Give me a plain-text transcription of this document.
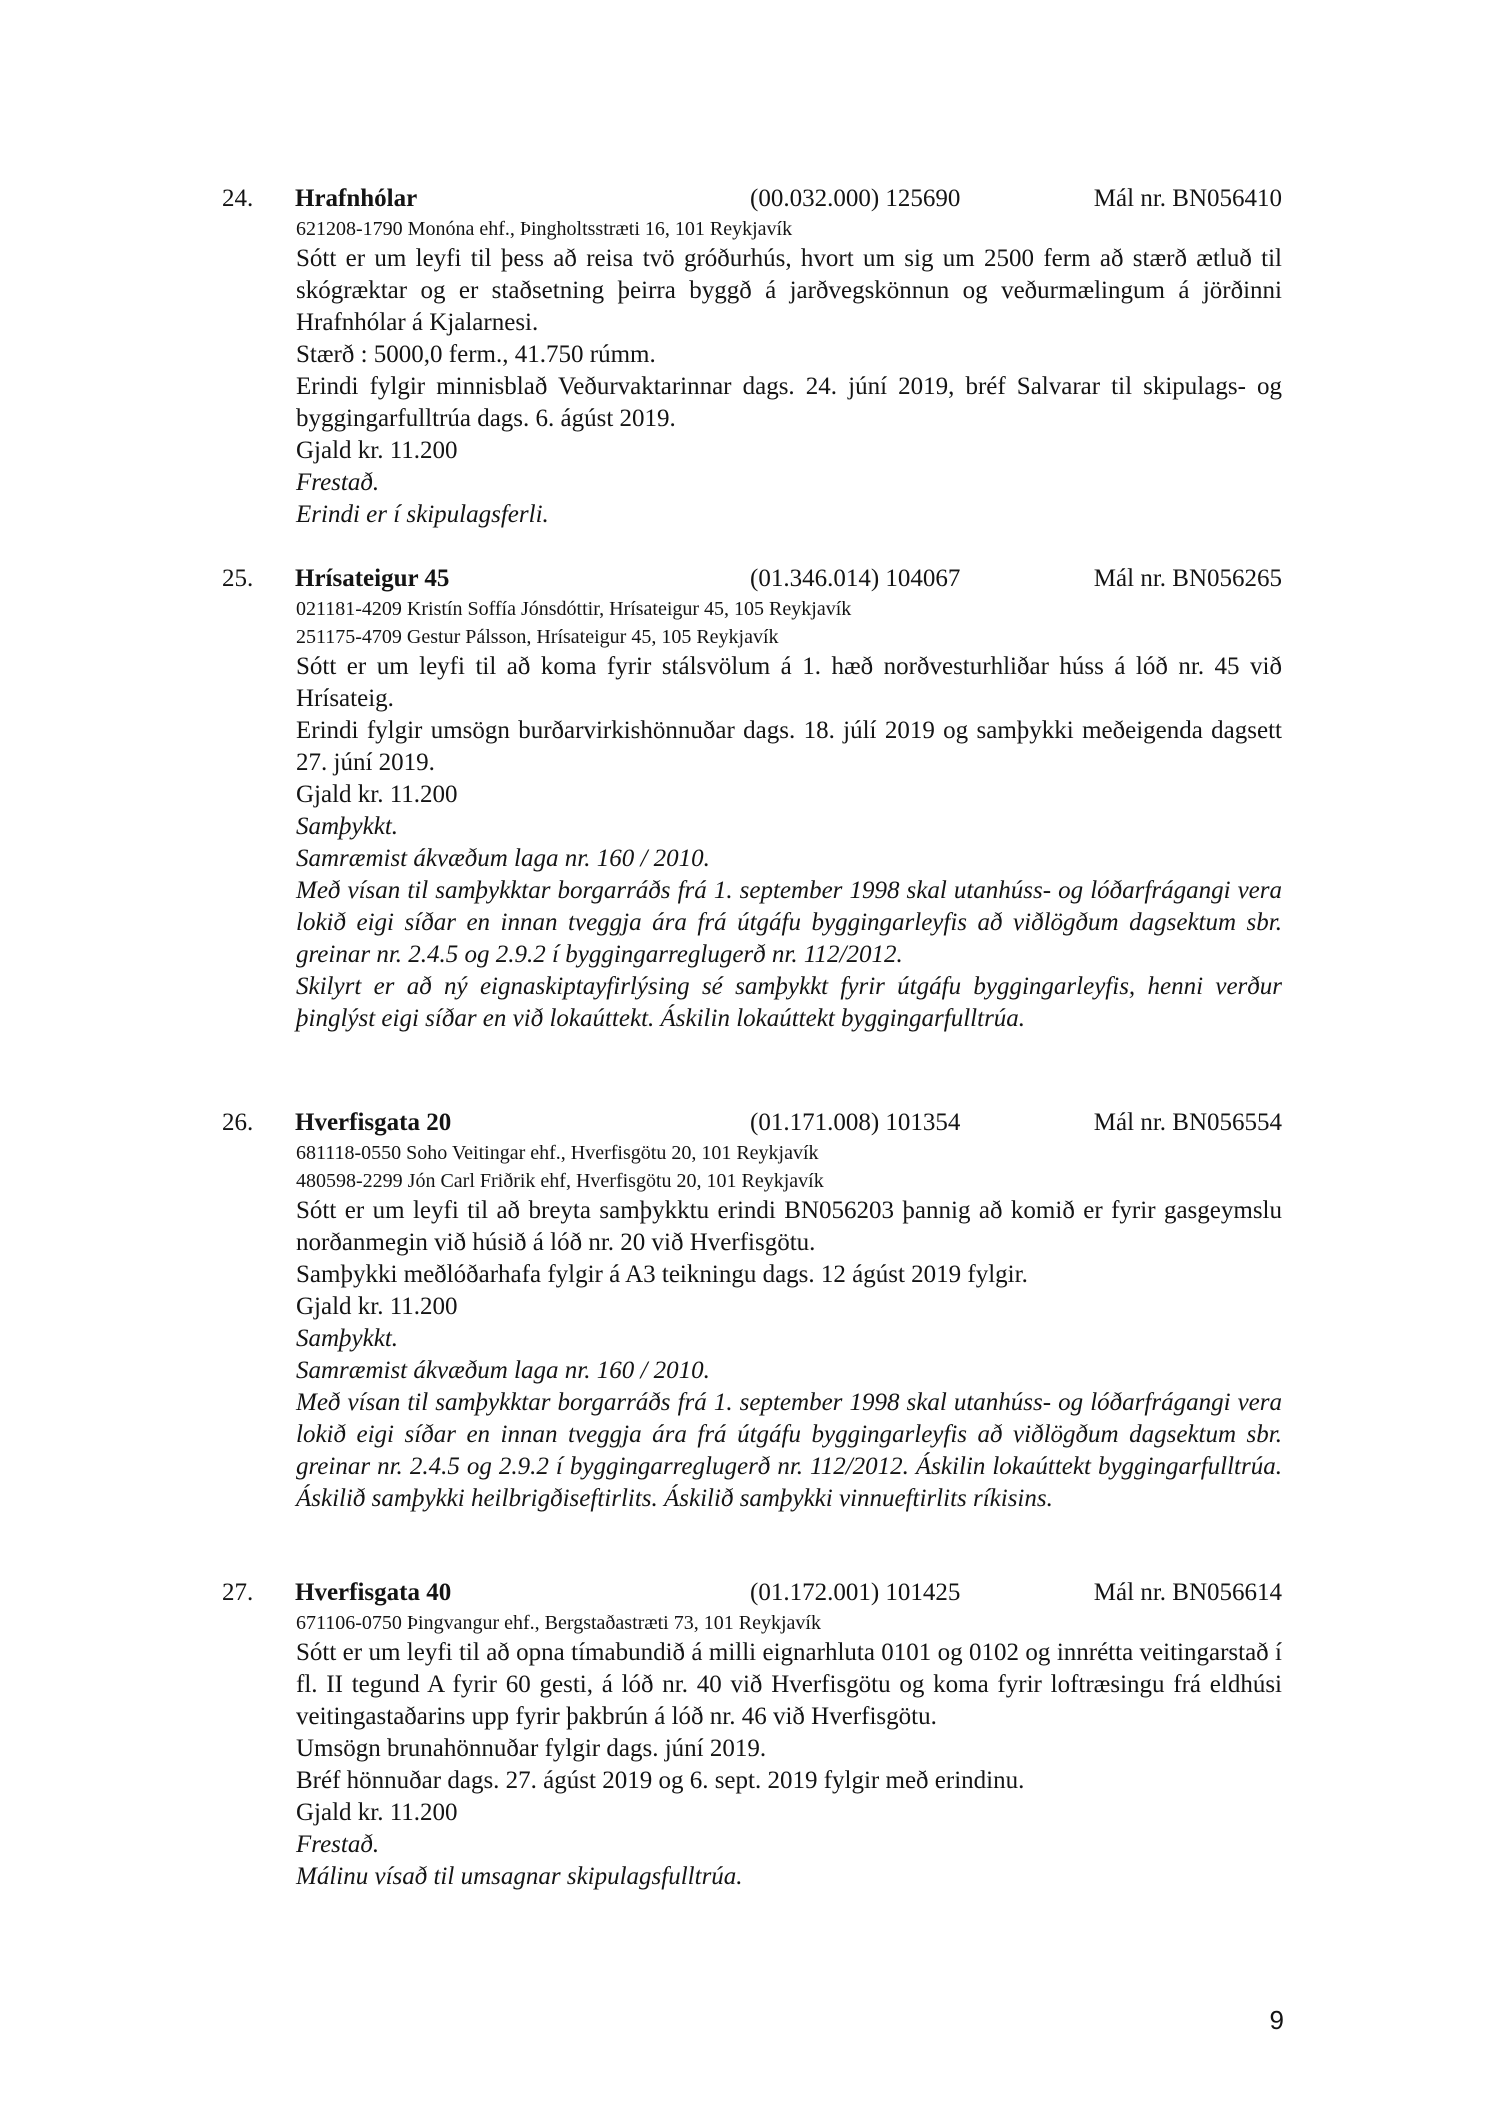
24. Hrafnhólar	(00.032.000) 125690	Mál nr. BN056410
621208-1790 Monóna ehf., Þingholtsstræti 16, 101 Reykjavík

Sótt er um leyfi til þess að reisa tvö gróðurhús, hvort um sig um 2500 ferm að stærð ætluð til skógræktar og er staðsetning þeirra byggð á jarðvegskönnun og veðurmælingum á jörðinni Hrafnhólar á Kjalarnesi.

Stærð : 5000,0 ferm., 41.750 rúmm.

Erindi fylgir minnisblað Veðurvaktarinnar dags. 24. júní 2019, bréf Salvarar til skipulags- og byggingarfulltrúa dags. 6. ágúst 2019.

Gjald kr. 11.200

Frestað.

Erindi er í skipulagsferli.

25. Hrísateigur 45	(01.346.014) 104067	Mál nr. BN056265
021181-4209 Kristín Soffía Jónsdóttir, Hrísateigur 45, 105 Reykjavík
251175-4709 Gestur Pálsson, Hrísateigur 45, 105 Reykjavík

Sótt er um leyfi til að koma fyrir stálsvölum á 1. hæð norðvesturhliðar húss á lóð nr. 45 við Hrísateig.

Erindi fylgir umsögn burðarvirkishönnuðar dags. 18. júlí 2019 og samþykki meðeigenda dagsett 27. júní 2019.

Gjald kr. 11.200

Samþykkt.

Samræmist ákvæðum laga nr. 160 / 2010.

Með vísan til samþykktar borgarráðs frá 1. september 1998 skal utanhúss- og lóðarfrágangi vera lokið eigi síðar en innan tveggja ára frá útgáfu byggingarleyfis að viðlögðum dagsektum sbr. greinar nr. 2.4.5 og 2.9.2 í byggingarreglugerð nr. 112/2012.

Skilyrt er að ný eignaskiptayfirlýsing sé samþykkt fyrir útgáfu byggingarleyfis, henni verður þinglýst eigi síðar en við lokaúttekt. Áskilin lokaúttekt byggingarfulltrúa.

26. Hverfisgata 20	(01.171.008) 101354	Mál nr. BN056554
681118-0550 Soho Veitingar ehf., Hverfisgötu 20, 101 Reykjavík
480598-2299 Jón Carl Friðrik ehf, Hverfisgötu 20, 101 Reykjavík

Sótt er um leyfi til að breyta samþykktu erindi BN056203 þannig að komið er fyrir gasgeymslu norðanmegin við húsið á lóð nr. 20 við Hverfisgötu.

Samþykki meðlóðarhafa fylgir á A3 teikningu dags. 12 ágúst 2019 fylgir.

Gjald kr. 11.200

Samþykkt.

Samræmist ákvæðum laga nr. 160 / 2010.

Með vísan til samþykktar borgarráðs frá 1. september 1998 skal utanhúss- og lóðarfrágangi vera lokið eigi síðar en innan tveggja ára frá útgáfu byggingarleyfis að viðlögðum dagsektum sbr. greinar nr. 2.4.5 og 2.9.2 í byggingarreglugerð nr. 112/2012. Áskilin lokaúttekt byggingarfulltrúa. Áskilið samþykki heilbrigðiseftirlits. Áskilið samþykki vinnueftirlits ríkisins.

27. Hverfisgata 40	(01.172.001) 101425	Mál nr. BN056614
671106-0750 Þingvangur ehf., Bergstaðastræti 73, 101 Reykjavík

Sótt er um leyfi til að opna tímabundið á milli eignarhluta 0101 og 0102 og innrétta veitingarstað í fl. II tegund A fyrir 60 gesti, á lóð nr. 40 við Hverfisgötu og koma fyrir loftræsingu frá eldhúsi veitingastaðarins upp fyrir þakbrún á lóð nr. 46 við Hverfisgötu.

Umsögn brunahönnuðar fylgir dags. júní 2019.

Bréf hönnuðar dags. 27. ágúst 2019 og 6. sept. 2019 fylgir með erindinu.

Gjald kr. 11.200

Frestað.

Málinu vísað til umsagnar skipulagsfulltrúa.

9
